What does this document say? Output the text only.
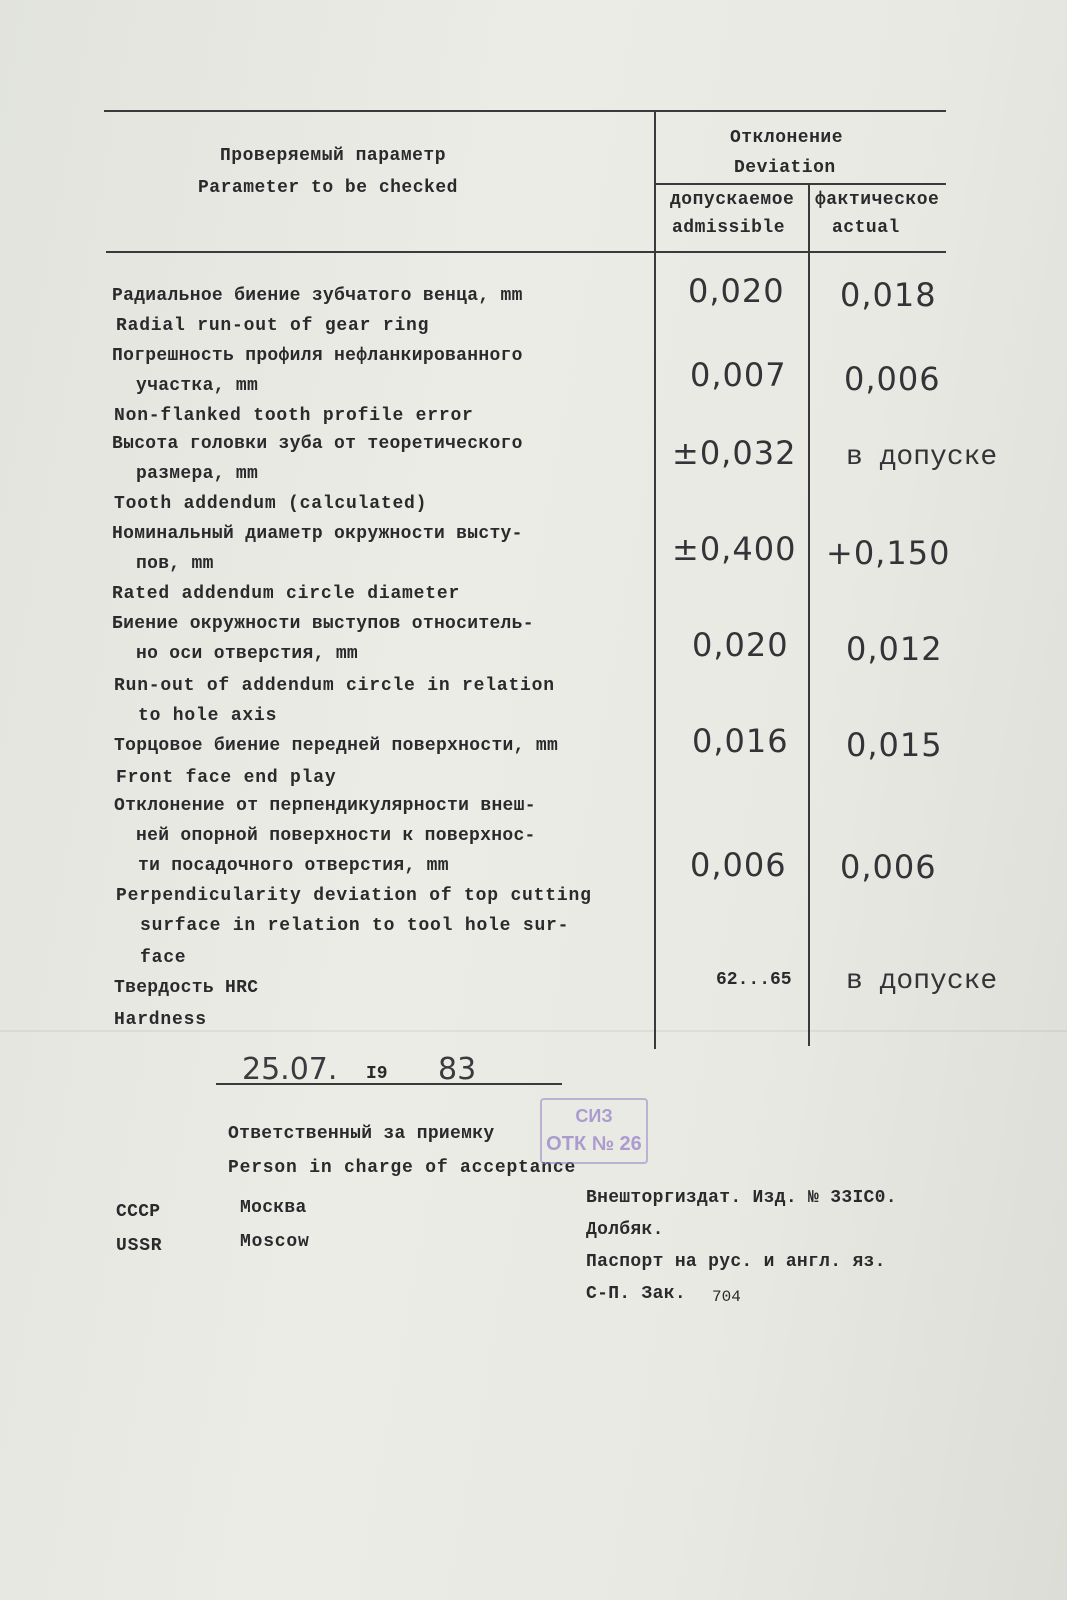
Проверяемый параметр
Parameter to be checked
Отклонение
Deviation
допускаемое
admissible
фактическое
actual
Радиальное биение зубчатого венца, mm
Radial run-out of gear ring
0,020 0,018
Погрешность профиля нефланкированного
участка, mm
Non-flanked tooth profile error
0,007 0,006
Высота головки зуба от теоретического
размера, mm
Tooth addendum (calculated)
±0,032 в допуске
Номинальный диаметр окружности высту-
пов, mm
Rated addendum circle diameter
±0,400 +0,150
Биение окружности выступов относитель-
но оси отверстия, mm
Run-out of addendum circle in relation
to hole axis
0,020 0,012
Торцовое биение передней поверхности, mm
Front face end play
0,016 0,015
Отклонение от перпендикулярности внеш-
ней опорной поверхности к поверхнос-
ти посадочного отверстия, mm
Perpendicularity deviation of top cutting
surface in relation to tool hole sur-
face
0,006 0,006
Твердость HRC
Hardness
62...65 в допуске
25.07. I9 83
Ответственный за приемку
Person in charge of acceptance
СИЗ
ОТК № 26
СССР
USSR
Москва
Moscow
Внешторгиздат. Изд. № 33IC0.
Долбяк.
Паспорт на рус. и англ. яз.
С-П. Зак. 704
